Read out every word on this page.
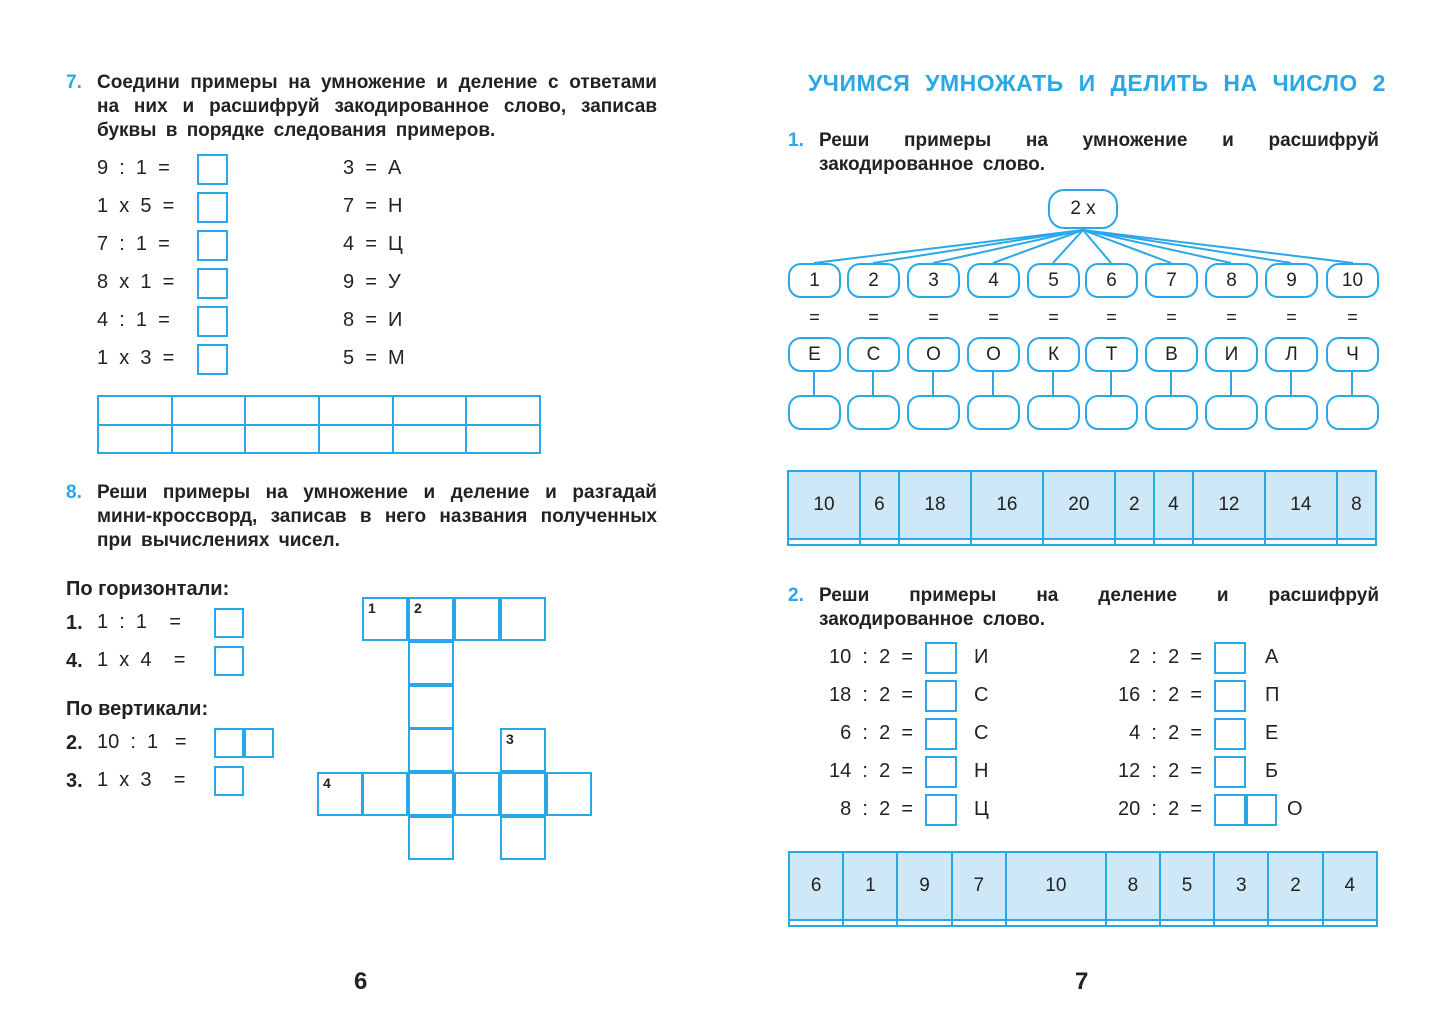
7. Соедини примеры на умножение и деление с ответами на них и расшифруй закодированное слово, записав буквы в порядке следования примеров.
9  :  1  =
1  x  5  =
7  :  1  =
8  x  1  =
4  :  1  =
1  x  3  =
3  =  А
7  =  Н
4  =  Ц
9  =  У
8  =  И
5  =  М

8. Реши примеры на умножение и деление и разгадай мини-кроссворд, записав в него названия полученных при вычислениях чисел.
По горизонтали:
1. 1  :  1    =
4. 1  x  4    =
По вертикали:
2. 10  :  1   =
3. 1  x  3    =
1	2
3
4
6
УЧИМСЯ УМНОЖАТЬ И ДЕЛИТЬ НА ЧИСЛО 2
1. Реши примеры на умножение и расшифруй закодированное слово.
2 x
1	2	3	4	5	6	7	8	9	10
=	=	=	=	=	=	=	=	=	=
Е	С	О	О	К	Т	В	И	Л	Ч
10	6	18	16	20	2	4	12	14	8

2. Реши примеры на деление и расшифруй закодированное слово.
10  :  2  =	И
18  :  2  =	С
6  :  2  =	С
14  :  2  =	Н
8  :  2  =	Ц
2  :  2  =	А
16  :  2  =	П
4  :  2  =	Е
12  :  2  =	Б
20  :  2  =	О
6	1	9	7	10	8	5	3	2	4

7
